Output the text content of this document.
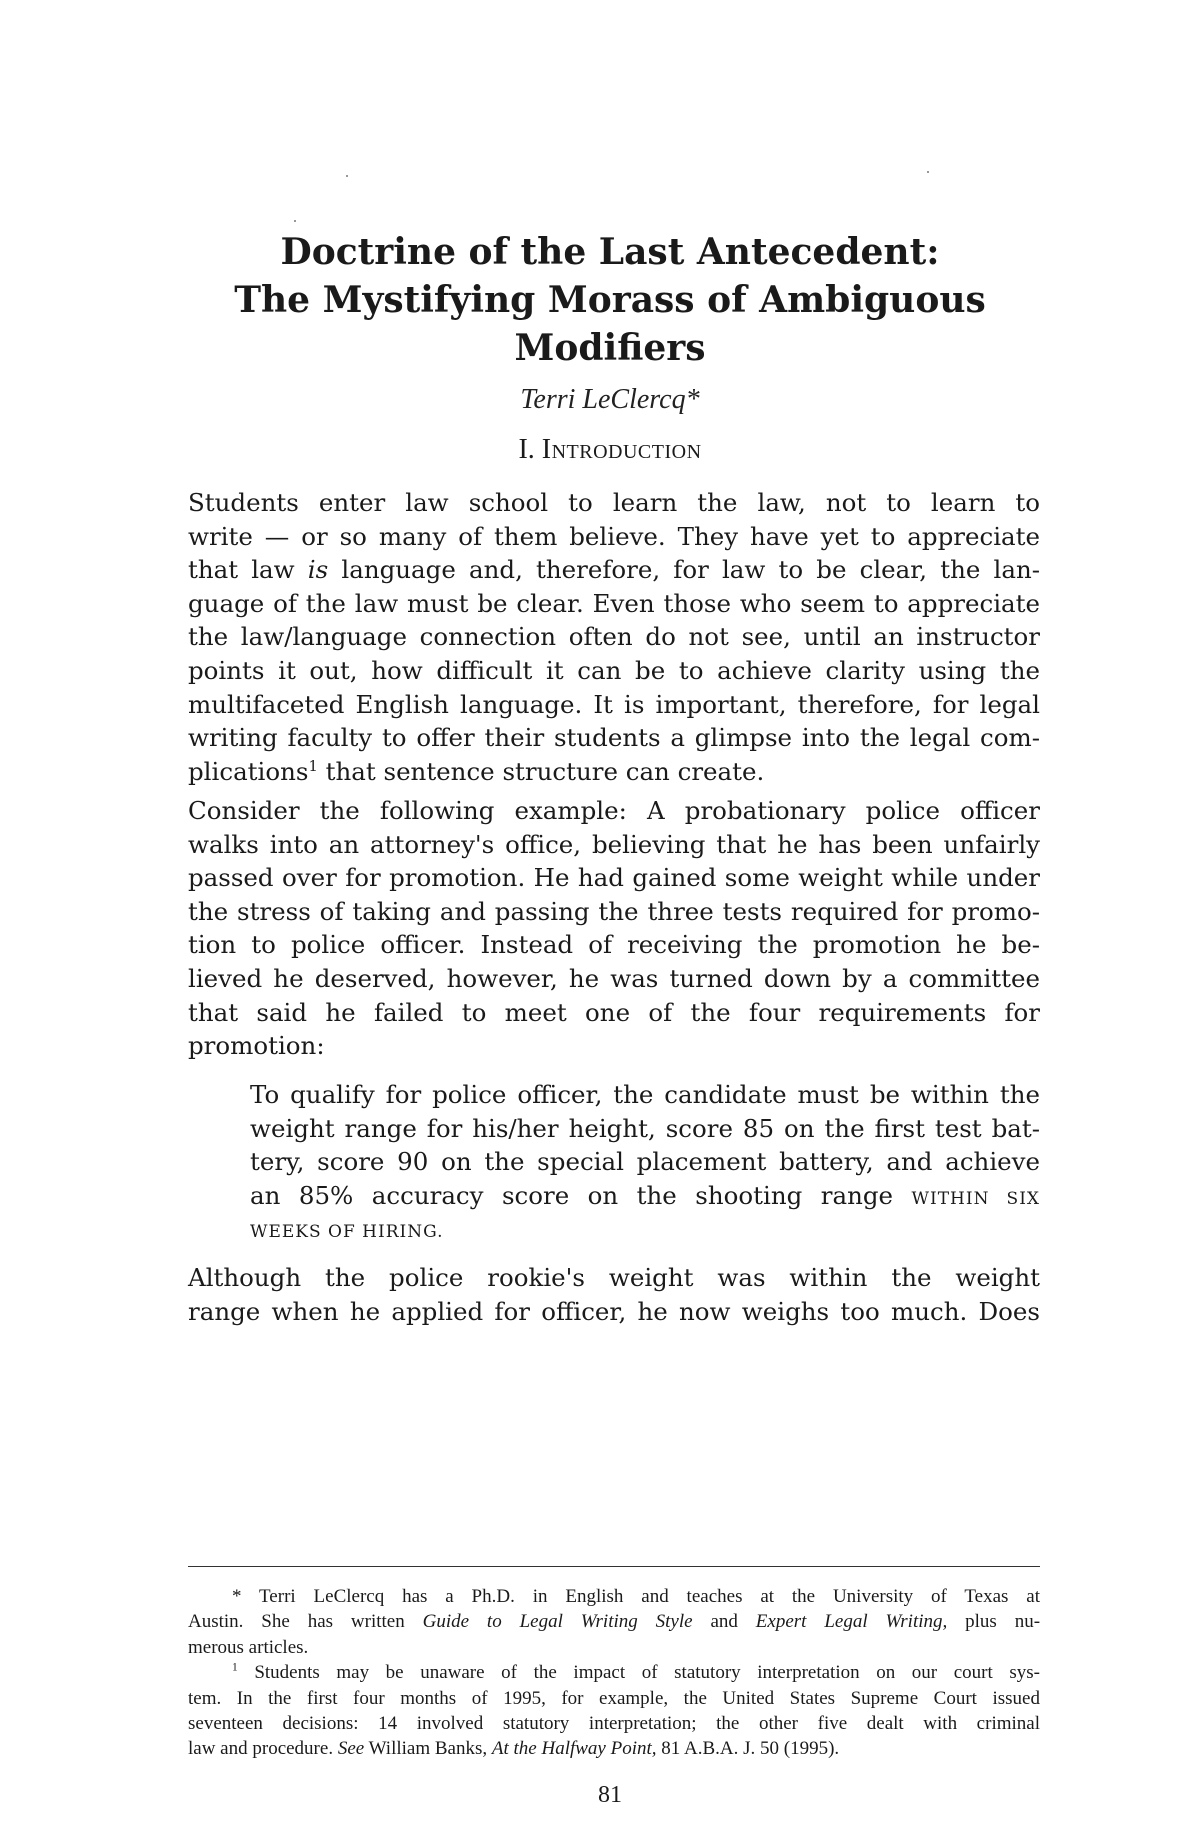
Doctrine of the Last Antecedent:
The Mystifying Morass of Ambiguous
Modifiers
Terri LeClercq*
I. Introduction
Students enter law school to learn the law, not to learn to
write — or so many of them believe. They have yet to appreciate
that law is language and, therefore, for law to be clear, the lan-
guage of the law must be clear. Even those who seem to appreciate
the law/language connection often do not see, until an instructor
points it out, how difficult it can be to achieve clarity using the
multifaceted English language. It is important, therefore, for legal
writing faculty to offer their students a glimpse into the legal com-
plications$^1$ that sentence structure can create.
Consider the following example: A probationary police officer
walks into an attorney's office, believing that he has been unfairly
passed over for promotion. He had gained some weight while under
the stress of taking and passing the three tests required for promo-
tion to police officer. Instead of receiving the promotion he be-
lieved he deserved, however, he was turned down by a committee
that said he failed to meet one of the four requirements for
promotion:
To qualify for police officer, the candidate must be within the
weight range for his/her height, score 85 on the first test bat-
tery, score 90 on the special placement battery, and achieve
an 85% accuracy score on the shooting range WITHIN SIX
WEEKS OF HIRING.
Although the police rookie's weight was within the weight
range when he applied for officer, he now weighs too much. Does
* Terri LeClercq has a Ph.D. in English and teaches at the University of Texas at
Austin. She has written Guide to Legal Writing Style and Expert Legal Writing, plus nu-
merous articles.
$^1$ Students may be unaware of the impact of statutory interpretation on our court sys-
tem. In the first four months of 1995, for example, the United States Supreme Court issued
seventeen decisions: 14 involved statutory interpretation; the other five dealt with criminal
law and procedure. See William Banks, At the Halfway Point, 81 A.B.A. J. 50 (1995).
81
